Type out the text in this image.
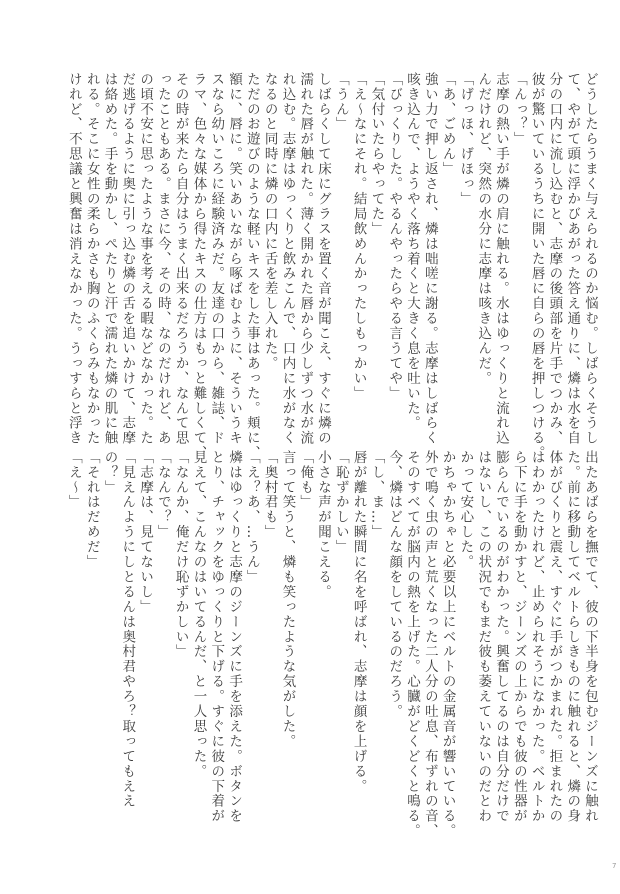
どうしたらうまく与えられるのか悩む。しばらくそうし
て、やがて頭に浮かびあがった答え通りに、燐は水を自
分の口内に流し込むと、志摩の後頭部を片手でつかみ、
彼が驚いているうちに開いた唇に自らの唇を押しつける。
「んっ？」
志摩の熱い手が燐の肩に触れる。水はゆっくりと流れ込
んだけれど、突然の水分に志摩は咳き込んだ。
「げっほ、げほっ」
「あ、ごめん」
強い力で押し返され、燐は咄嗟に謝る。志摩はしばらく
咳き込んで、ようやく落ち着くと大きく息を吐いた。
「びっくりした。やるんやったらやる言うてや」
「気付いたらやってた」
「え～なにそれ。結局飲めんかったしもっかい」
「うん」
しばらくして床にグラスを置く音が聞こえ、すぐに燐の
濡れた唇が触れた。薄く開かれた唇から少しずつ水が流
れ込む。志摩はゆっくりと飲みこんで、口内に水がなく
なるのと同時に燐の口内に舌を差し入れた。
ただのお遊びのような軽いキスをした事はあった。頬に、
額に、唇に。笑いあいながら啄ばむように、そういうキ
スなら幼いころに経験済みだ。友達の口から、雑誌、ド
ラマ、色々な媒体から得たキスの仕方はもっと難しくて、
その時が来たら自分はうまく出来るだろうか、なんて思
ったこともある。まさに今、その時、なのだけれど、あ
の頃不安に思ったような事を考える暇などなかった。た
だ逃げるように奥に引っ込む燐の舌を追いかけて、志摩
は絡めた。手を動かし、ぺたりと汗で濡れた燐の肌に触
れる。そこに女性の柔らかさも胸のふくらみもなかった
けれど、不思議と興奮は消えなかった。うっすらと浮き
出たあばらを撫でて、彼の下半身を包むジーンズに触れ
た。前に移動してベルトらしきものに触れると、燐の身
体がびくりと震え、すぐに手がつかまれた。拒まれたの
はわかったけれど、止められそうになかった。ベルトか
ら下に手を動かすと、ジーンズの上からでも彼の性器が
膨らんでいるのがわかった。興奮してるのは自分だけで
はないし、この状況でもまだ彼も萎えていないのだとわ
かって安心した。
かちゃかちゃと必要以上にベルトの金属音が響いている。
外で鳴く虫の声と荒くなった二人分の吐息、布ずれの音、
そのすべてが脳内の熱を上げた。心臓がどくどくと鳴る。
今、燐はどんな顔をしているのだろう。
「し、ま…」
唇が離れた瞬間に名を呼ばれ、志摩は顔を上げる。
「恥ずかしい」
小さな声が聞こえる。
「俺も」
言って笑うと、燐も笑ったような気がした。
「奥村君も」
「え？あ、…うん」
燐はゆっくりと志摩のジーンズに手を添えた。ボタンを
とり、チャックをゆっくりと下げる。すぐに彼の下着が
見えて、こんなのはいてるんだ、と一人思った。
「なんか、俺だけ恥ずかしい」
「なんで？」
「志摩は、見てないし」
「見えんようにしとるんは奥村君やろ？取ってもええ
の？」
「それはだめだ」
「え～」
7
